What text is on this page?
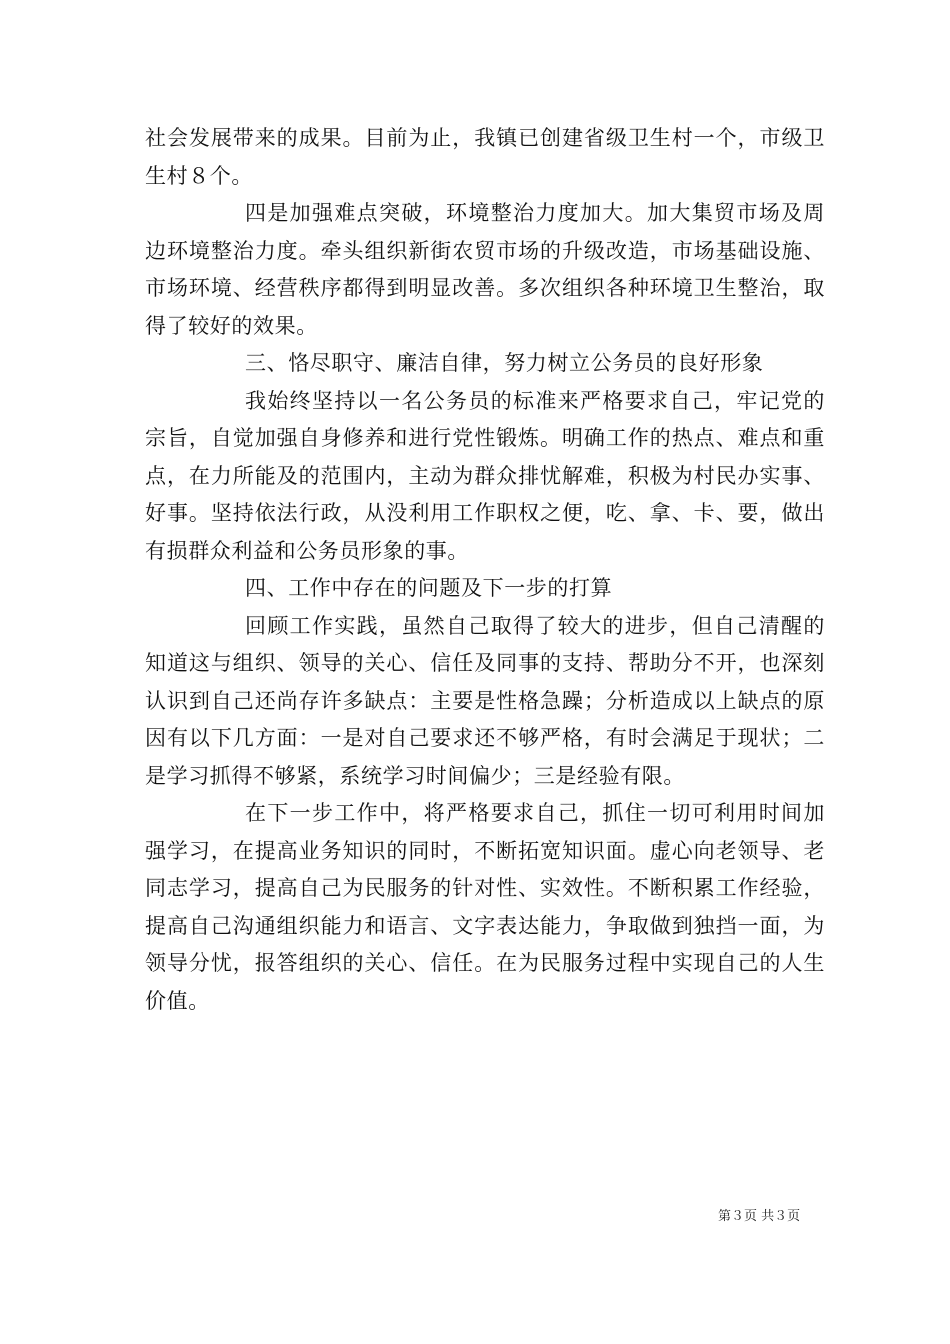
社会发展带来的成果。目前为止，我镇已创建省级卫生村一个，市级卫生村８个。

四是加强难点突破，环境整治力度加大。加大集贸市场及周边环境整治力度。牵头组织新街农贸市场的升级改造，市场基础设施、市场环境、经营秩序都得到明显改善。多次组织各种环境卫生整治，取得了较好的效果。

三、恪尽职守、廉洁自律，努力树立公务员的良好形象

我始终坚持以一名公务员的标准来严格要求自己，牢记党的宗旨，自觉加强自身修养和进行党性锻炼。明确工作的热点、难点和重点，在力所能及的范围内，主动为群众排忧解难，积极为村民办实事、好事。坚持依法行政，从没利用工作职权之便，吃、拿、卡、要，做出有损群众利益和公务员形象的事。

四、工作中存在的问题及下一步的打算

回顾工作实践，虽然自己取得了较大的进步，但自己清醒的知道这与组织、领导的关心、信任及同事的支持、帮助分不开，也深刻认识到自己还尚存许多缺点：主要是性格急躁；分析造成以上缺点的原因有以下几方面：一是对自己要求还不够严格，有时会满足于现状；二是学习抓得不够紧，系统学习时间偏少；三是经验有限。

在下一步工作中，将严格要求自己，抓住一切可利用时间加强学习，在提高业务知识的同时，不断拓宽知识面。虚心向老领导、老同志学习，提高自己为民服务的针对性、实效性。不断积累工作经验，提高自己沟通组织能力和语言、文字表达能力，争取做到独挡一面，为领导分忧，报答组织的关心、信任。在为民服务过程中实现自己的人生价值。

第３页 共３页
